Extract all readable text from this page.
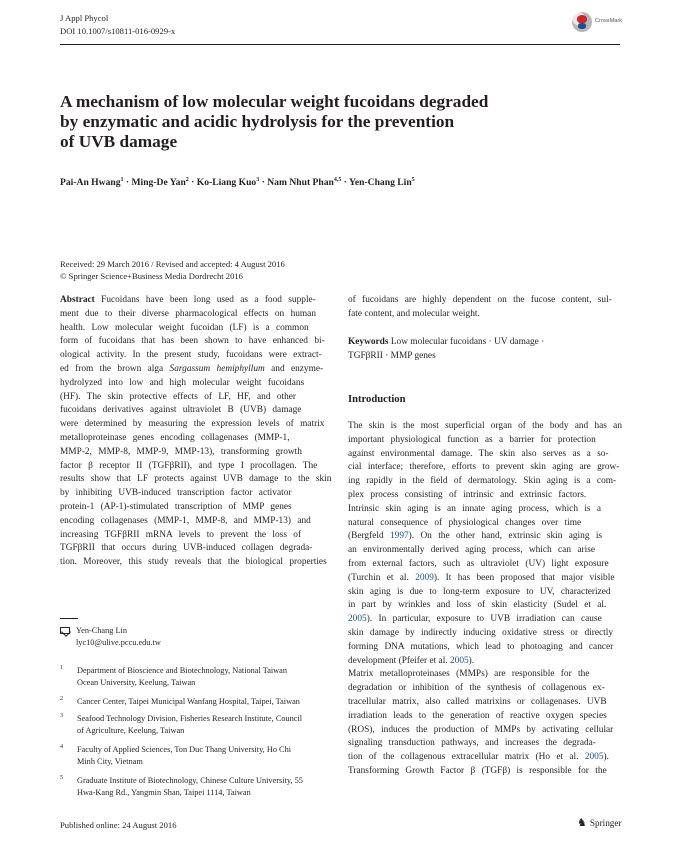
J Appl Phycol
DOI 10.1007/s10811-016-0929-x
CrossMark
A mechanism of low molecular weight fucoidans degraded
by enzymatic and acidic hydrolysis for the prevention
of UVB damage
Pai-An Hwang$^1$ · Ming-De Yan$^2$ · Ko-Liang Kuo$^3$ · Nam Nhut Phan$^{4,5}$ · Yen-Chang Lin$^5$
Received: 29 March 2016 / Revised and accepted: 4 August 2016
© Springer Science+Business Media Dordrecht 2016
Abstract Fucoidans have been long used as a food supple-
ment due to their diverse pharmacological effects on human
health. Low molecular weight fucoidan (LF) is a common
form of fucoidans that has been shown to have enhanced bi-
ological activity. In the present study, fucoidans were extract-
ed from the brown alga Sargassum hemiphyllum and enzyme-
hydrolyzed into low and high molecular weight fucoidans
(HF). The skin protective effects of LF, HF, and other
fucoidans derivatives against ultraviolet B (UVB) damage
were determined by measuring the expression levels of matrix
metalloproteinase genes encoding collagenases (MMP-1,
MMP-2, MMP-8, MMP-9, MMP-13), transforming growth
factor β receptor II (TGFβRII), and type I procollagen. The
results show that LF protects against UVB damage to the skin
by inhibiting UVB-induced transcription factor activator
protein-1 (AP-1)-stimulated transcription of MMP genes
encoding collagenases (MMP-1, MMP-8, and MMP-13) and
increasing TGFβRII mRNA levels to prevent the loss of
TGFβRII that occurs during UVB-induced collagen degrada-
tion. Moreover, this study reveals that the biological properties
of fucoidans are highly dependent on the fucose content, sul-
fate content, and molecular weight.
Keywords Low molecular fucoidans · UV damage ·
TGFβRII · MMP genes
Introduction
The skin is the most superficial organ of the body and has an
important physiological function as a barrier for protection
against environmental damage. The skin also serves as a so-
cial interface; therefore, efforts to prevent skin aging are grow-
ing rapidly in the field of dermatology. Skin aging is a com-
plex process consisting of intrinsic and extrinsic factors.
Intrinsic skin aging is an innate aging process, which is a
natural consequence of physiological changes over time
(Bergfeld 1997). On the other hand, extrinsic skin aging is
an environmentally derived aging process, which can arise
from external factors, such as ultraviolet (UV) light exposure
(Turchin et al. 2009). It has been proposed that major visible
skin aging is due to long-term exposure to UV, characterized
in part by wrinkles and loss of skin elasticity (Sudel et al.
2005). In particular, exposure to UVB irradiation can cause
skin damage by indirectly inducing oxidative stress or directly
forming DNA mutations, which lead to photoaging and cancer
development (Pfeifer et al. 2005).
Matrix metalloproteinases (MMPs) are responsible for the
degradation or inhibition of the synthesis of collagenous ex-
tracellular matrix, also called matrixins or collagenases. UVB
irradiation leads to the generation of reactive oxygen species
(ROS), induces the production of MMPs by activating cellular
signaling transduction pathways, and increases the degrada-
tion of the collagenous extracellular matrix (Ho et al. 2005).
Transforming Growth Factor β (TGFβ) is responsible for the
Yen-Chang Lin
lyc10@ulive.pccu.edu.tw
1 Department of Bioscience and Biotechnology, National Taiwan
Ocean University, Keelung, Taiwan
2 Cancer Center, Taipei Municipal Wanfang Hospital, Taipei, Taiwan
3 Seafood Technology Division, Fisheries Research Institute, Council
of Agriculture, Keelung, Taiwan
4 Faculty of Applied Sciences, Ton Duc Thang University, Ho Chi
Minh City, Vietnam
5 Graduate Institute of Biotechnology, Chinese Culture University, 55
Hwa-Kang Rd., Yangmin Shan, Taipei 1114, Taiwan
Published online: 24 August 2016	♞ Springer
